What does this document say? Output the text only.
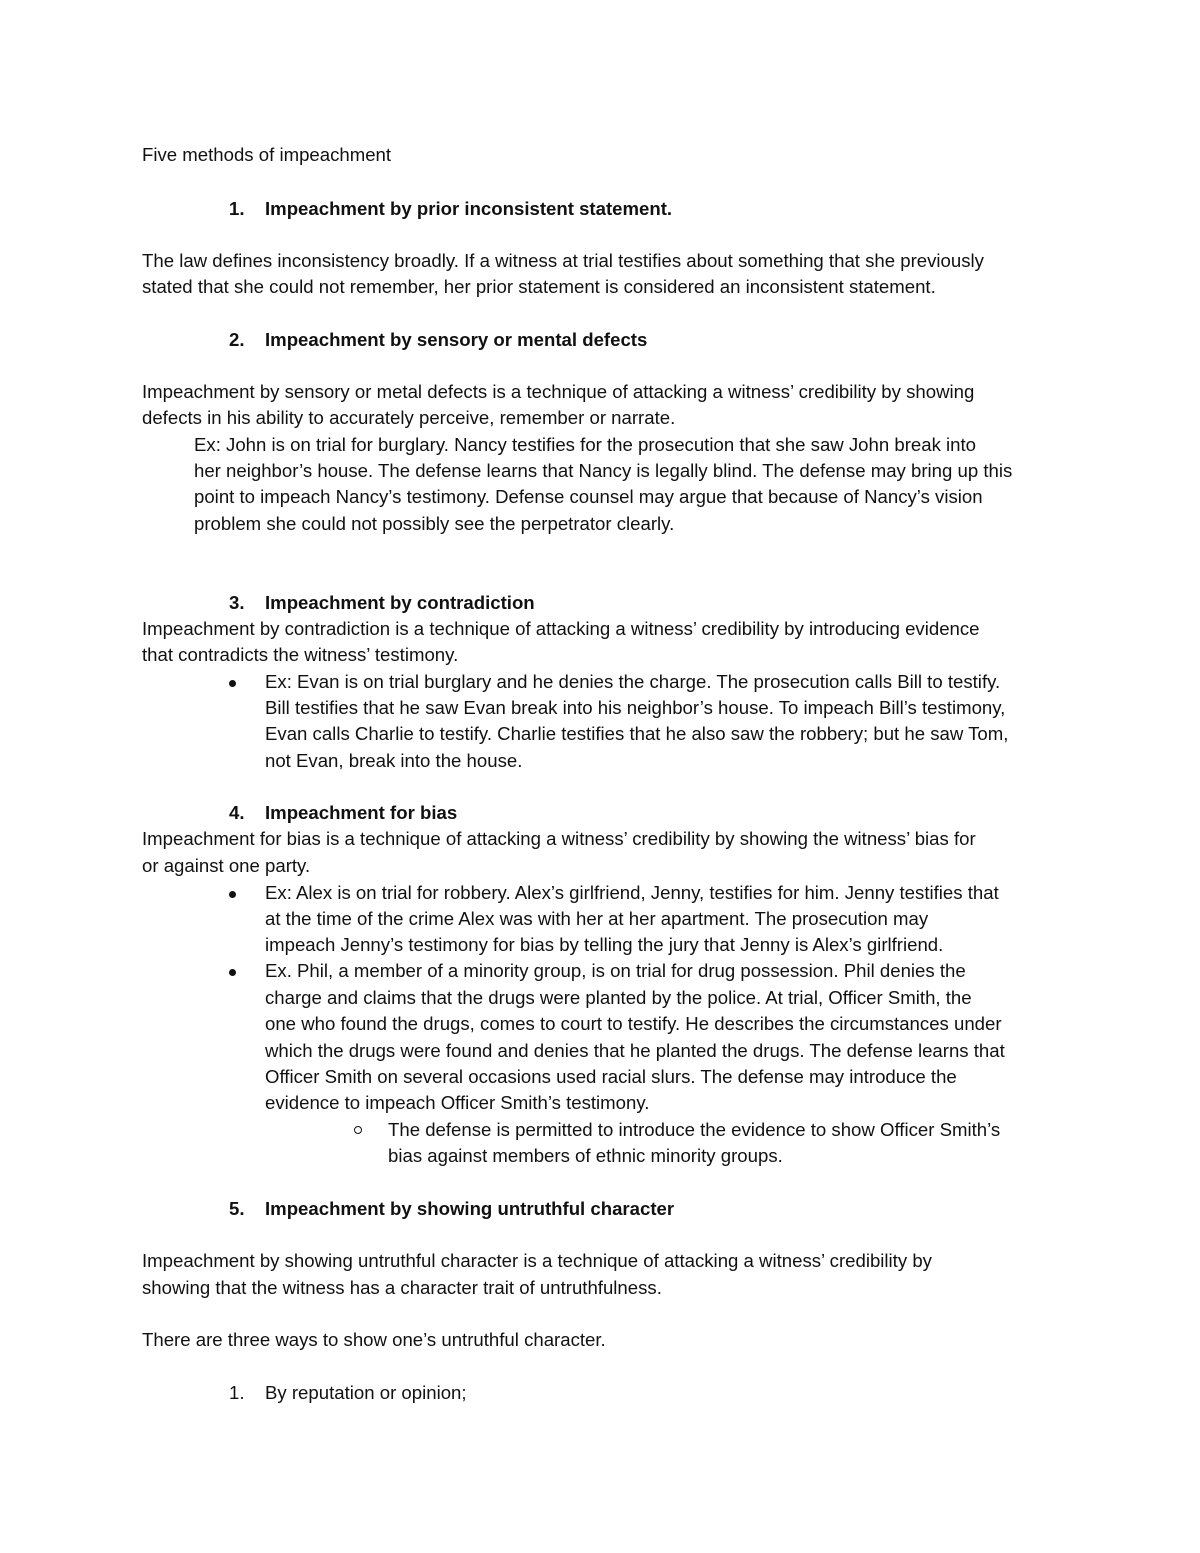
Five methods of impeachment
1. Impeachment by prior inconsistent statement.
The law defines inconsistency broadly. If a witness at trial testifies about something that she previously
stated that she could not remember, her prior statement is considered an inconsistent statement.
2. Impeachment by sensory or mental defects
Impeachment by sensory or metal defects is a technique of attacking a witness’ credibility by showing
defects in his ability to accurately perceive, remember or narrate.
Ex: John is on trial for burglary. Nancy testifies for the prosecution that she saw John break into
her neighbor’s house. The defense learns that Nancy is legally blind. The defense may bring up this
point to impeach Nancy’s testimony. Defense counsel may argue that because of Nancy’s vision
problem she could not possibly see the perpetrator clearly.
3. Impeachment by contradiction
Impeachment by contradiction is a technique of attacking a witness’ credibility by introducing evidence
that contradicts the witness’ testimony.
Ex: Evan is on trial burglary and he denies the charge. The prosecution calls Bill to testify.
Bill testifies that he saw Evan break into his neighbor’s house. To impeach Bill’s testimony,
Evan calls Charlie to testify. Charlie testifies that he also saw the robbery; but he saw Tom,
not Evan, break into the house.
4. Impeachment for bias
Impeachment for bias is a technique of attacking a witness’ credibility by showing the witness’ bias for
or against one party.
Ex: Alex is on trial for robbery. Alex’s girlfriend, Jenny, testifies for him. Jenny testifies that
at the time of the crime Alex was with her at her apartment. The prosecution may
impeach Jenny’s testimony for bias by telling the jury that Jenny is Alex’s girlfriend.
Ex. Phil, a member of a minority group, is on trial for drug possession. Phil denies the
charge and claims that the drugs were planted by the police. At trial, Officer Smith, the
one who found the drugs, comes to court to testify. He describes the circumstances under
which the drugs were found and denies that he planted the drugs. The defense learns that
Officer Smith on several occasions used racial slurs. The defense may introduce the
evidence to impeach Officer Smith’s testimony.
The defense is permitted to introduce the evidence to show Officer Smith’s
bias against members of ethnic minority groups.
5. Impeachment by showing untruthful character
Impeachment by showing untruthful character is a technique of attacking a witness’ credibility by
showing that the witness has a character trait of untruthfulness.
There are three ways to show one’s untruthful character.
1. By reputation or opinion;
